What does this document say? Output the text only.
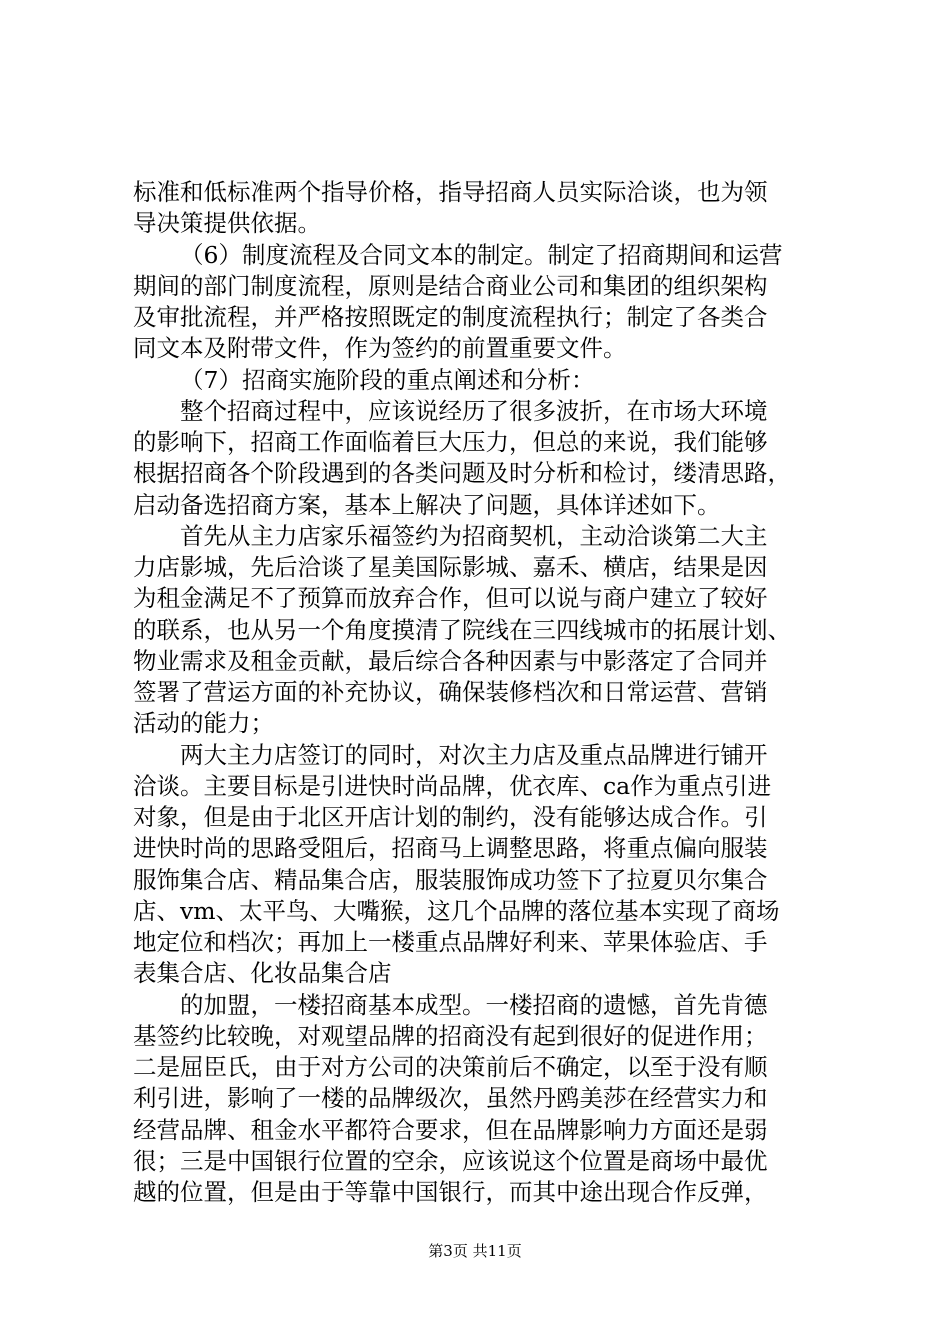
标准和低标准两个指导价格，指导招商人员实际洽谈，也为领
导决策提供依据。
（6）制度流程及合同文本的制定。制定了招商期间和运营
期间的部门制度流程，原则是结合商业公司和集团的组织架构
及审批流程，并严格按照既定的制度流程执行；制定了各类合
同文本及附带文件，作为签约的前置重要文件。
（7）招商实施阶段的重点阐述和分析：
整个招商过程中，应该说经历了很多波折，在市场大环境
的影响下，招商工作面临着巨大压力，但总的来说，我们能够
根据招商各个阶段遇到的各类问题及时分析和检讨，缕清思路，
启动备选招商方案，基本上解决了问题，具体详述如下。
首先从主力店家乐福签约为招商契机，主动洽谈第二大主
力店影城，先后洽谈了星美国际影城、嘉禾、横店，结果是因
为租金满足不了预算而放弃合作，但可以说与商户建立了较好
的联系，也从另一个角度摸清了院线在三四线城市的拓展计划、
物业需求及租金贡献，最后综合各种因素与中影落定了合同并
签署了营运方面的补充协议，确保装修档次和日常运营、营销
活动的能力；
两大主力店签订的同时，对次主力店及重点品牌进行铺开
洽谈。主要目标是引进快时尚品牌，优衣库、ca作为重点引进
对象，但是由于北区开店计划的制约，没有能够达成合作。引
进快时尚的思路受阻后，招商马上调整思路，将重点偏向服装
服饰集合店、精品集合店，服装服饰成功签下了拉夏贝尔集合
店、vm、太平鸟、大嘴猴，这几个品牌的落位基本实现了商场
地定位和档次；再加上一楼重点品牌好利来、苹果体验店、手
表集合店、化妆品集合店
的加盟，一楼招商基本成型。一楼招商的遗憾，首先肯德
基签约比较晚，对观望品牌的招商没有起到很好的促进作用；
二是屈臣氏，由于对方公司的决策前后不确定，以至于没有顺
利引进，影响了一楼的品牌级次，虽然丹鸥美莎在经营实力和
经营品牌、租金水平都符合要求，但在品牌影响力方面还是弱
很；三是中国银行位置的空余，应该说这个位置是商场中最优
越的位置，但是由于等靠中国银行，而其中途出现合作反弹，
第3页 共11页
